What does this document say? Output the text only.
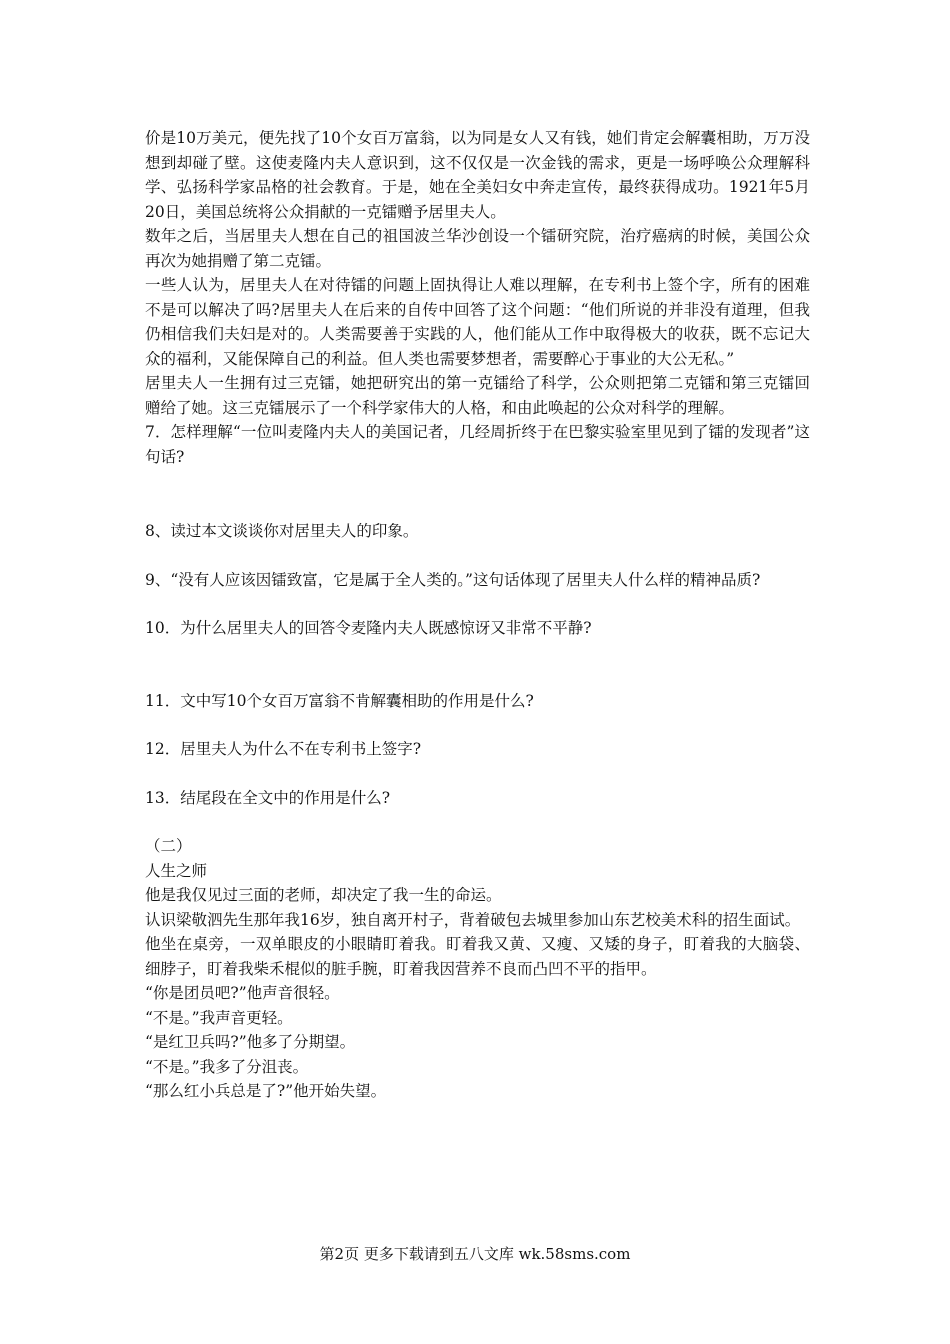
价是10万美元，便先找了10个女百万富翁，以为同是女人又有钱，她们肯定会解囊相助，万万没想到却碰了壁。这使麦隆内夫人意识到，这不仅仅是一次金钱的需求，更是一场呼唤公众理解科学、弘扬科学家品格的社会教育。于是，她在全美妇女中奔走宣传，最终获得成功。1921年5月20日，美国总统将公众捐献的一克镭赠予居里夫人。

数年之后，当居里夫人想在自己的祖国波兰华沙创设一个镭研究院，治疗癌病的时候，美国公众再次为她捐赠了第二克镭。

一些人认为，居里夫人在对待镭的问题上固执得让人难以理解，在专利书上签个字，所有的困难不是可以解决了吗?居里夫人在后来的自传中回答了这个问题：“他们所说的并非没有道理，但我仍相信我们夫妇是对的。人类需要善于实践的人，他们能从工作中取得极大的收获，既不忘记大众的福利，又能保障自己的利益。但人类也需要梦想者，需要醉心于事业的大公无私。”

居里夫人一生拥有过三克镭，她把研究出的第一克镭给了科学，公众则把第二克镭和第三克镭回赠给了她。这三克镭展示了一个科学家伟大的人格，和由此唤起的公众对科学的理解。

7．怎样理解“一位叫麦隆内夫人的美国记者，几经周折终于在巴黎实验室里见到了镭的发现者”这句话?

8、读过本文谈谈你对居里夫人的印象。

9、“没有人应该因镭致富，它是属于全人类的。”这句话体现了居里夫人什么样的精神品质?

10．为什么居里夫人的回答令麦隆内夫人既感惊讶又非常不平静?

11．文中写10个女百万富翁不肯解囊相助的作用是什么?

12．居里夫人为什么不在专利书上签字?

13．结尾段在全文中的作用是什么?

（二）

人生之师

他是我仅见过三面的老师，却决定了我一生的命运。

认识梁敬泗先生那年我16岁，独自离开村子，背着破包去城里参加山东艺校美术科的招生面试。

他坐在桌旁，一双单眼皮的小眼睛盯着我。盯着我又黄、又瘦、又矮的身子，盯着我的大脑袋、细脖子，盯着我柴禾棍似的脏手腕，盯着我因营养不良而凸凹不平的指甲。

“你是团员吧?”他声音很轻。

“不是。”我声音更轻。

“是红卫兵吗?”他多了分期望。

“不是。”我多了分沮丧。

“那么红小兵总是了?”他开始失望。

第2页 更多下载请到五八文库 wk.58sms.com
